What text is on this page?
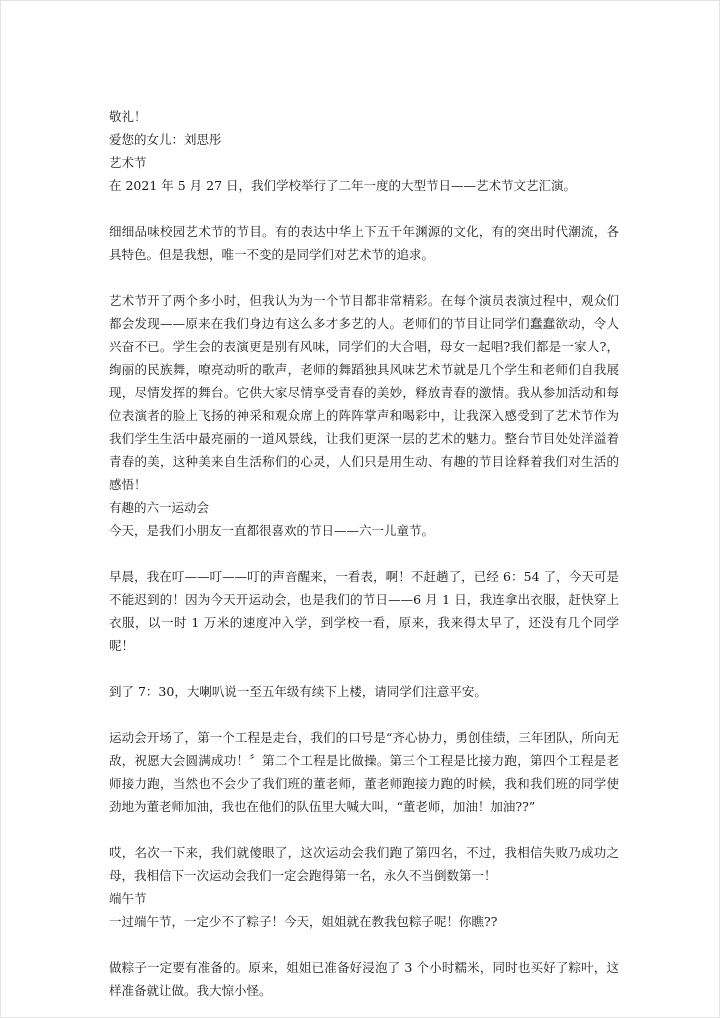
敬礼！
爱您的女儿：刘思彤
艺术节
在 2021 年 5 月 27 日，我们学校举行了二年一度的大型节日——艺术节文艺汇演。
细细品味校园艺术节的节目。有的表达中华上下五千年渊源的文化，有的突出时代潮流，各具特色。但是我想，唯一不变的是同学们对艺术节的追求。
艺术节开了两个多小时，但我认为为一个节目都非常精彩。在每个演员表演过程中，观众们都会发现——原来在我们身边有这么多才多艺的人。老师们的节目让同学们蠢蠢欲动，令人兴奋不已。学生会的表演更是别有风味，同学们的大合唱，母女一起唱?我们都是一家人?，绚丽的民族舞，嘹亮动听的歌声，老师的舞蹈独具风味艺术节就是几个学生和老师们自我展现，尽情发挥的舞台。它供大家尽情享受青春的美妙，释放青春的激情。我从参加活动和每位表演者的脸上飞扬的神采和观众席上的阵阵掌声和喝彩中，让我深入感受到了艺术节作为我们学生生活中最亮丽的一道风景线，让我们更深一层的艺术的魅力。整台节目处处洋溢着青春的美，这种美来自生活称们的心灵，人们只是用生动、有趣的节目诠释着我们对生活的感悟！
有趣的六一运动会
今天，是我们小朋友一直都很喜欢的节日——六一儿童节。
早晨，我在叮——叮——叮的声音醒来，一看表，啊！不赶趟了，已经 6：54 了，今天可是不能迟到的！因为今天开运动会，也是我们的节日——6 月 1 日，我连拿出衣服，赶快穿上衣服，以一时 1 万米的速度冲入学，到学校一看，原来，我来得太早了，还没有几个同学呢！
到了 7：30，大喇叭说一至五年级有续下上楼，请同学们注意平安。
运动会开场了，第一个工程是走台，我们的口号是“齐心协力，勇创佳绩，三年团队，所向无敌，祝愿大会圆满成功！〞第二个工程是比做操。第三个工程是比接力跑，第四个工程是老师接力跑，当然也不会少了我们班的董老师，董老师跑接力跑的时候，我和我们班的同学使劲地为董老师加油，我也在他们的队伍里大喊大叫，“董老师，加油！加油??”
哎，名次一下来，我们就傻眼了，这次运动会我们跑了第四名，不过，我相信失败乃成功之母，我相信下一次运动会我们一定会跑得第一名，永久不当倒数第一！
端午节
一过端午节，一定少不了粽子！今天，姐姐就在教我包粽子呢！你瞧??
做粽子一定要有准备的。原来，姐姐已准备好浸泡了 3 个小时糯米，同时也买好了粽叶，这样准备就让做。我大惊小怪。
